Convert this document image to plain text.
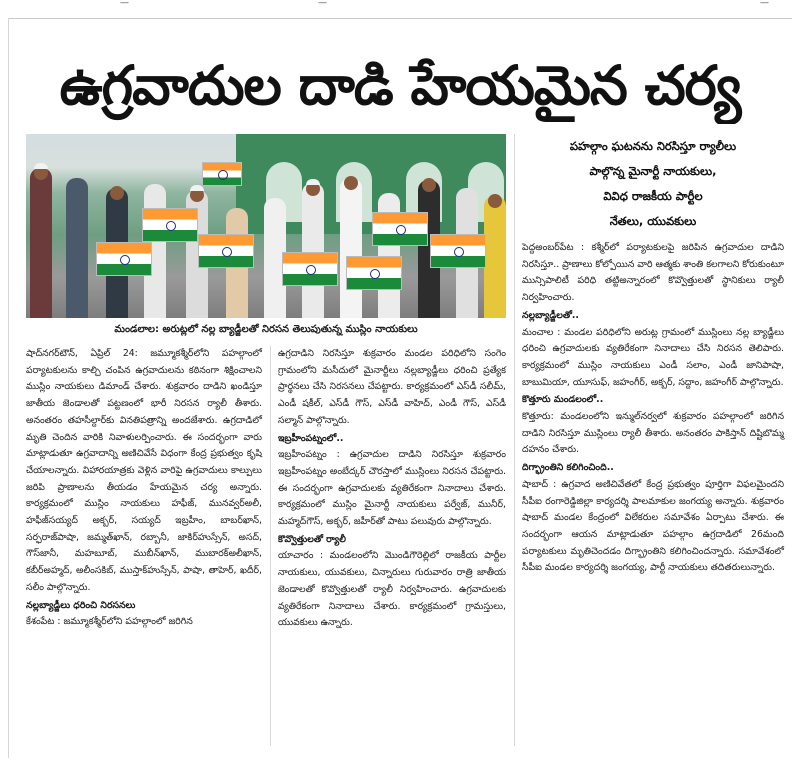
—	—	—
ఉగ్రవాదుల దాడి హేయమైన చర్య
మండలాల: అరుట్లలో నల్ల బ్యాడ్జీలతో నిరసన తెలుపుతున్న ముస్లిం నాయకులు
పహల్గాం ఘటనను నిరసిస్తూ ర్యాలీలు
పాల్గొన్న మైనార్టీ నాయకులు,
వివిధ రాజకీయ పార్టీల
నేతలు, యువకులు

షాద్‌నగర్‌టౌన్‌, ఏప్రిల్‌ 24: జమ్మూకశ్మీర్‌లోని పహల్గాంలో పర్యాటకులను కాల్చి చంపిన ఉగ్రవాదులను కఠినంగా శిక్షించాలని ముస్లిం నాయకులు డిమాండ్‌ చేశారు. శుక్రవారం దాడిని ఖండిస్తూ జాతీయ జెండాలతో పట్టణంలో భారీ నిరసన ర్యాలీ తీశారు. అనంతరం తహసీల్దార్‌కు వినతిపత్రాన్ని అందజేశారు. ఉగ్రదాడిలో మృతి చెందిన వారికి నివాళులర్పించారు. ఈ సందర్భంగా వారు మాట్లాడుతూ ఉగ్రవాదాన్ని అణిచివేసే విధంగా కేంద్ర ప్రభుత్వం కృషి చేయాలన్నారు. విహారయాత్రకు వెళ్లిన వారిపై ఉగ్రవాదులు కాల్పులు జరిపి ప్రాణాలను తీయడం హేయమైన చర్య అన్నారు. కార్యక్రమంలో ముస్లిం నాయకులు హఫీజ్‌, మునవ్వర్‌అలీ, హఫీజ్‌సయ్యద్‌ అక్బర్‌, సయ్యద్‌ ఇబ్రహీం, బాబర్‌ఖాన్‌, సర్ఫరాజ్‌పాషా, జమ్మత్‌ఖాన్‌, రబ్బానీ, జాకిర్‌హుస్సేన్‌, అసద్‌, గౌస్‌జానీ, మహబూబ్‌, ముబీన్‌ఖాన్‌, ముబారక్‌అలీఖాన్‌, కబీర్‌అహ్మద్‌, అలీంసకిబ్‌, ముస్తాక్‌హుస్సేన్‌, పాషా, తాహెర్‌, ఖదీర్‌, సలీం పాల్గొన్నారు.

నల్లబ్యాడ్జీలు ధరించి నిరసనలు

కేశంపేట : జమ్మూకశ్మీర్‌లోని పహల్గాంలో జరిగిన

ఉగ్రదాడిని నిరసిస్తూ శుక్రవారం మండల పరిధిలోని సంగెం గ్రామంలోని మసీదులో మైనార్టీలు నల్లబ్యాడ్జీలు ధరించి ప్రత్యేక ప్రార్థనలు చేసి నిరసనలు చేపట్టారు. కార్యక్రమంలో ఎస్‌డీ సలీమ్‌, ఎండీ షకీల్‌, ఎస్‌డీ గౌస్‌, ఎస్‌డీ వాహిద్‌, ఎండీ గౌస్‌, ఎస్‌డీ సల్మాన్‌ పాల్గొన్నారు.

ఇబ్రహీంపట్నంలో..

ఇబ్రహీంపట్నం : ఉగ్రవాదుల దాడిని నిరసిస్తూ శుక్రవారం ఇబ్రహీంపట్నం అంబేద్కర్‌ చౌరస్తాలో ముస్లింలు నిరసన చేపట్టారు. ఈ సందర్భంగా ఉగ్రవాదులకు వ్యతిరేకంగా నినాదాలు చేశారు. కార్యక్రమంలో ముస్లిం మైనార్టీ నాయకులు పర్వేజ్‌, మునీర్‌, మహ్మద్‌గౌస్‌, అక్బర్‌, జహీర్‌తో పాటు పలువురు పాల్గొన్నారు.

కొవ్వొత్తులతో ర్యాలీ

యాచారం : మండలంలోని మొండిగౌరెల్లిలో రాజకీయ పార్టీల నాయకులు, యువకులు, చిన్నారులు గురువారం రాత్రి జాతీయ జెండాలతో కొవ్వొత్తులతో ర్యాలీ నిర్వహించారు. ఉగ్రవాదులకు వ్యతిరేకంగా నినాదాలు చేశారు. కార్యక్రమంలో గ్రామస్తులు, యువకులు ఉన్నారు.

పెద్దఅంబర్‌పేట : కశ్మీర్‌లో పర్యాటకులపై జరిపిన ఉగ్రవాదుల దాడిని నిరసిస్తూ.. ప్రాణాలు కోల్పోయిన వారి ఆత్మకు శాంతి కలగాలని కోరుకుంటూ మున్సిపాలిటీ పరిధి తట్టిఅన్నారంలో కొవ్వొత్తులతో స్థానికులు ర్యాలీ నిర్వహించారు.

నల్లబ్యాడ్జీలతో..

మంచాల : మండల పరిధిలోని అరుట్ల గ్రామంలో ముస్లింలు నల్ల బ్యాడ్జీలు ధరించి ఉగ్రవాదులకు వ్యతిరేకంగా నినాదాలు చేసి నిరసన తెలిపారు. కార్యక్రమంలో ముస్లిం నాయకులు ఎండీ సలాం, ఎండీ జానిపాషా, బాబుమియా, యూసుఫ్‌, జహంగీర్‌, అక్బర్‌, సద్దాం, జహంగీర్‌ పాల్గొన్నారు.

కొత్తూరు మండలంలో..

కొత్తూరు: మండలంలోని ఇన్ముల్‌నర్వలో శుక్రవారం పహల్గాంలో జరిగిన దాడిని నిరసిస్తూ ముస్లింలు ర్యాలీ తీశారు. అనంతరం పాకిస్తాన్‌ దిష్టిబొమ్మ దహనం చేశారు.

దిగ్భ్రాంతిని కలిగించింది..

షాబాద్‌ : ఉగ్రవాద అణిచివేతలో కేంద్ర ప్రభుత్వం పూర్తిగా విఫలమైందని సీపీఐ రంగారెడ్డిజిల్లా కార్యదర్శి పాలమాకుల జంగయ్య అన్నారు. శుక్రవారం షాబాద్‌ మండల కేంద్రంలో విలేకరుల సమావేశం ఏర్పాటు చేశారు. ఈ సందర్భంగా ఆయన మాట్లాడుతూ పహల్గాం ఉగ్రదాడిలో 26మంది పర్యాటకులు మృతిచెందడం దిగ్భ్రాంతిని కలిగించిందన్నారు. సమావేశంలో సీపీఐ మండల కార్యదర్శి జంగయ్య, పార్టీ నాయకులు తదితరులున్నారు.
